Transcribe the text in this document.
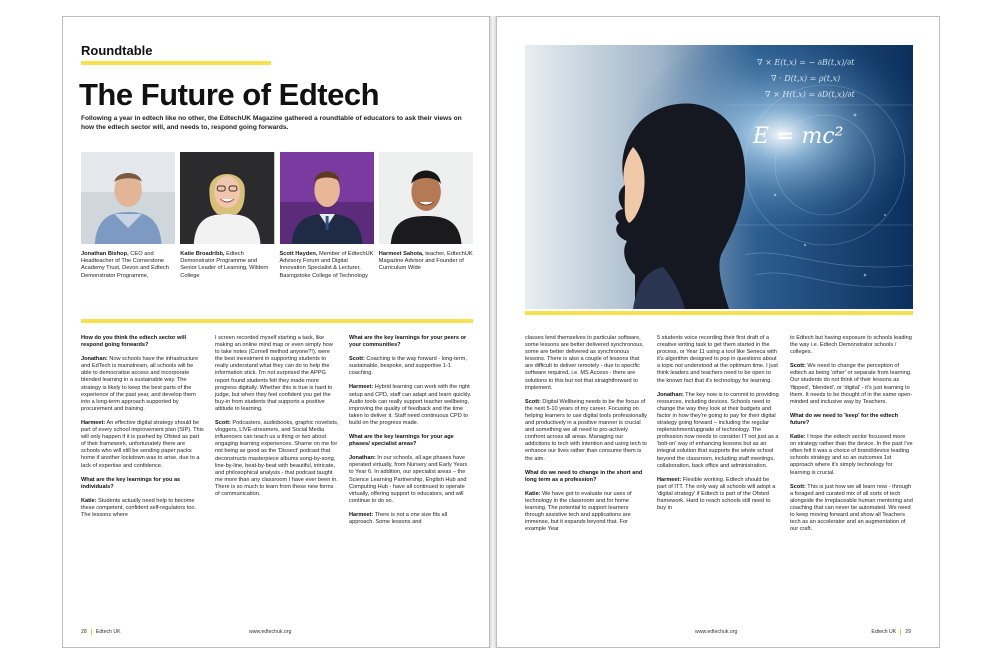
Roundtable
The Future of Edtech
Following a year in edtech like no other, the EdtechUK Magazine gathered a roundtable of educators to ask their views on how the edtech sector will, and needs to, respond going forwards.
Jonathan Bishop, CEO and Headteacher of The Cornerstone Academy Trust, Devon and Edtech Demonstrator Programme,
Katie Broadribb, Edtech Demonstrator Programme and Senior Leader of Learning, Wildern College
Scott Hayden, Member of EdtechUK Advisory Forum and Digital Innovation Specialist & Lecturer, Basingstoke College of Technology
Harmeet Sahota, teacher, EdtechUK Magazine Advisor and Founder of Curriculum Wide

How do you think the edtech sector will respond going forwards?

Jonathan: Now schools have the infrastructure and EdTech is mainstream, all schools will be able to democratise access and incorporate blended learning in a sustainable way. The strategy is likely to keep the best parts of the experience of the past year, and develop them into a long-term approach supported by procurement and training.

Harmeet: An effective digital strategy should be part of every school improvement plan (SIP). This will only happen if it is pushed by Ofsted as part of their framework, unfortunately there are schools who will still be sending paper packs home if another lockdown was to arise, due to a lack of expertise and confidence.

What are the key learnings for you as individuals?

Katie: Students actually need help to become these competent, confident self-regulators too. The lessons where

I screen recorded myself starting a task, like making an online mind map or even simply how to take notes (Cornell method anyone?!), were the best investment in supporting students to really understand what they can do to help the information stick. I'm not surprised the APPG report found students felt they made more progress digitally. Whether this is true is hard to judge, but when they feel confident you get the buy-in from students that supports a positive attitude to learning.

Scott: Podcasters, audiobooks, graphic novelists, vloggers, LIVE-streamers, and Social Media influencers can teach us a thing or two about engaging learning experiences. Shame on me for not being as good as the 'Dissect' podcast that deconstructs masterpiece albums song-by-song, line-by-line, beat-by-beat with beautiful, intricate, and philosophical analysis - that podcast taught me more than any classroom I have ever been in. There is so much to learn from these new forms of communication.

What are the key learnings for your peers or your communities?

Scott: Coaching is the way forward - long-term, sustainable, bespoke, and supportive 1-1 coaching.

Harmeet: Hybrid learning can work with the right setup and CPD, staff can adapt and learn quickly. Audio tools can really support teacher wellbeing, improving the quality of feedback and the time taken to deliver it. Staff need continuous CPD to build on the progress made.

What are the key learnings for your age phases/ specialist areas?

Jonathan: In our schools, all age phases have operated virtually, from Nursery and Early Years to Year 6. In addition, our specialist areas – the Science Learning Partnership, English Hub and Computing Hub - have all continued to operate virtually, offering support to educators, and will continue to do so.

Harmeet: There is not a one size fits all approach. Some lessons and

28 Edtech UK	www.edtechuk.org
∇ × E(t,x) = − ∂B(t,x)/∂t
∇ · D(t,x) = ρ(t,x)
∇ × H(t,x) = ∂D(t,x)/∂t
E = mc²

classes lend themselves to particular software, some lessons are better delivered synchronous, some are better delivered as synchronous lessons. There is also a couple of lessons that are difficult to deliver remotely - due to specific software required, i.e. MS Access - there are solutions to this but not that straightforward to implement.

Scott: Digital Wellbeing needs to be the focus of the next 5-10 years of my career. Focusing on helping learners to use digital tools professionally and productively in a positive manner is crucial and something we all need to pro-actively confront across all areas. Managing our addictions to tech with intention and using tech to enhance our lives rather than consume them is the aim.

What do we need to change in the short and long term as a profession?

Katie: We have got to evaluate our uses of technology in the classroom and for home learning. The potential to support learners through assistive tech and applications are immense, but it expands beyond that. For example Year

5 students voice recording their first draft of a creative writing task to get them started in the process, or Year 11 using a tool like Seneca with it's algorithm designed to pop in questions about a topic not understood at the optimum time. I just think leaders and teachers need to be open to the known fact that it's technology for learning.

Jonathan: The key now is to commit to providing resources, including devices. Schools need to change the way they look at their budgets and factor in how they're going to pay for their digital strategy going forward – including the regular replenishment/upgrade of technology. The profession now needs to consider IT not just as a 'bolt-on' way of enhancing lessons but as an integral solution that supports the whole school beyond the classroom, including staff meetings, collaboration, back office and administration.

Harmeet: Flexible working. Edtech should be part of ITT. The only way all schools will adopt a 'digital strategy' if Edtech is part of the Ofsted framework. Hard to reach schools still need to buy in

to Edtech but having exposure to schools leading the way i.e. Edtech Demonstrator schools / colleges.

Scott: We need to change the perception of edtech as being 'other' or separate from learning. Our students do not think of their lessons as 'flipped', 'blended', or 'digital' - it's just learning to them. It needs to be thought of in the same open-minded and inclusive way by Teachers.

What do we need to 'keep' for the edtech future?

Katie: I hope the edtech sector focussed more on strategy rather than the device. In the past I've often felt it was a choice of brand/device leading schools strategy and so an outcomes 1st approach where it's simply technology for learning is crucial.

Scott: This is just how we all learn now - through a foraged and curated mix of all sorts of tech alongside the irreplaceable human mentoring and coaching that can never be automated. We need to keep moving forward and show all Teachers tech as an accelerator and an augmentation of our craft.

www.edtechuk.org	Edtech UK 29
